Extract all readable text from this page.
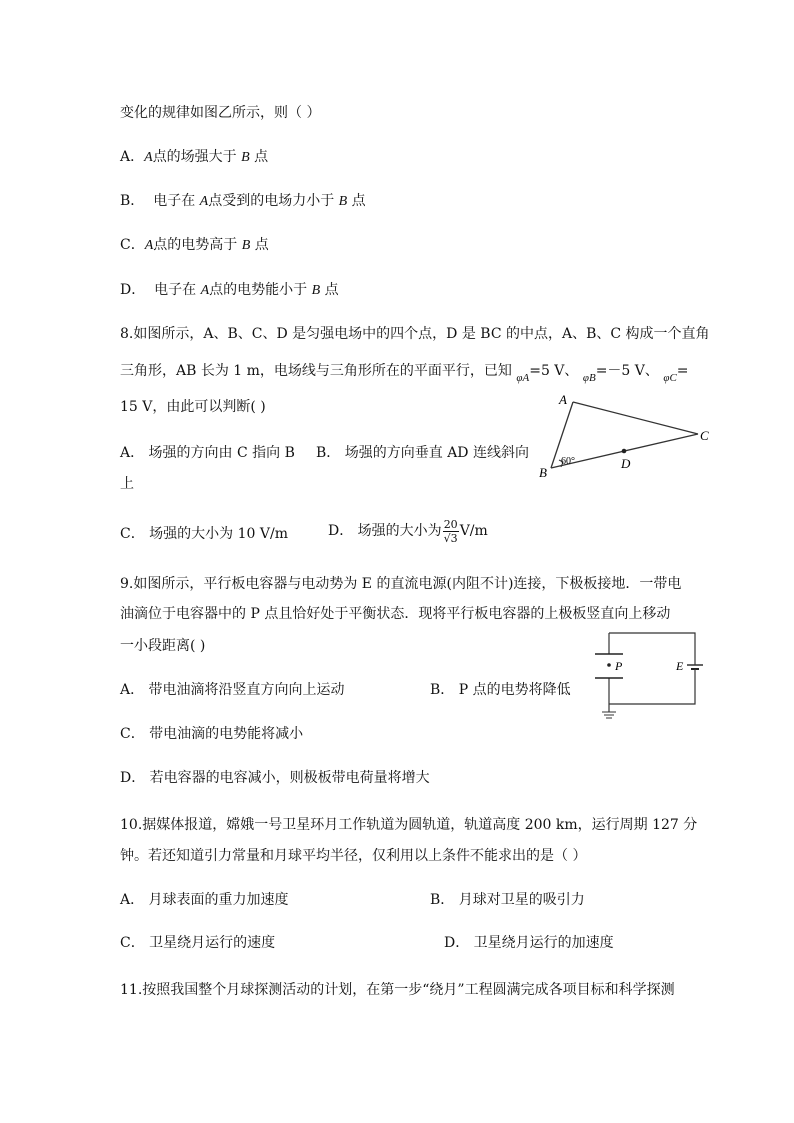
变化的规律如图乙所示，则（ ）
A．A点的场强大于 B 点
B． 电子在 A点受到的电场力小于 B 点
C．A点的电势高于 B 点
D． 电子在 A点的电势能小于 B 点
8.如图所示，A、B、C、D 是匀强电场中的四个点，D 是 BC 的中点，A、B、C 构成一个直角
三角形，AB 长为 1 m，电场线与三角形所在的平面平行，已知 $_{\varphi A}$=5 V、 $_{\varphi B}$=－5 V、 $_{\varphi C}$=
15 V，由此可以判断( )	A
B
C
D
60°
A． 场强的方向由 C 指向 B B． 场强的方向垂直 AD 连线斜向
上
C． 场强的大小为 10 V/m	D． 场强的大小为 $\frac{20}{√3} V/m$
9.如图所示，平行板电容器与电动势为 E 的直流电源(内阻不计)连接，下极板接地．一带电
油滴位于电容器中的 P 点且恰好处于平衡状态．现将平行板电容器的上极板竖直向上移动
一小段距离( )
P	E
A． 带电油滴将沿竖直方向向上运动	B． P 点的电势将降低
C． 带电油滴的电势能将减小
D． 若电容器的电容减小，则极板带电荷量将增大
10.据媒体报道，嫦娥一号卫星环月工作轨道为圆轨道，轨道高度 200 km，运行周期 127 分
钟。若还知道引力常量和月球平均半径，仅利用以上条件不能求出的是（ ）
A． 月球表面的重力加速度	B． 月球对卫星的吸引力
C． 卫星绕月运行的速度	D． 卫星绕月运行的加速度
11.按照我国整个月球探测活动的计划，在第一步“绕月”工程圆满完成各项目标和科学探测
